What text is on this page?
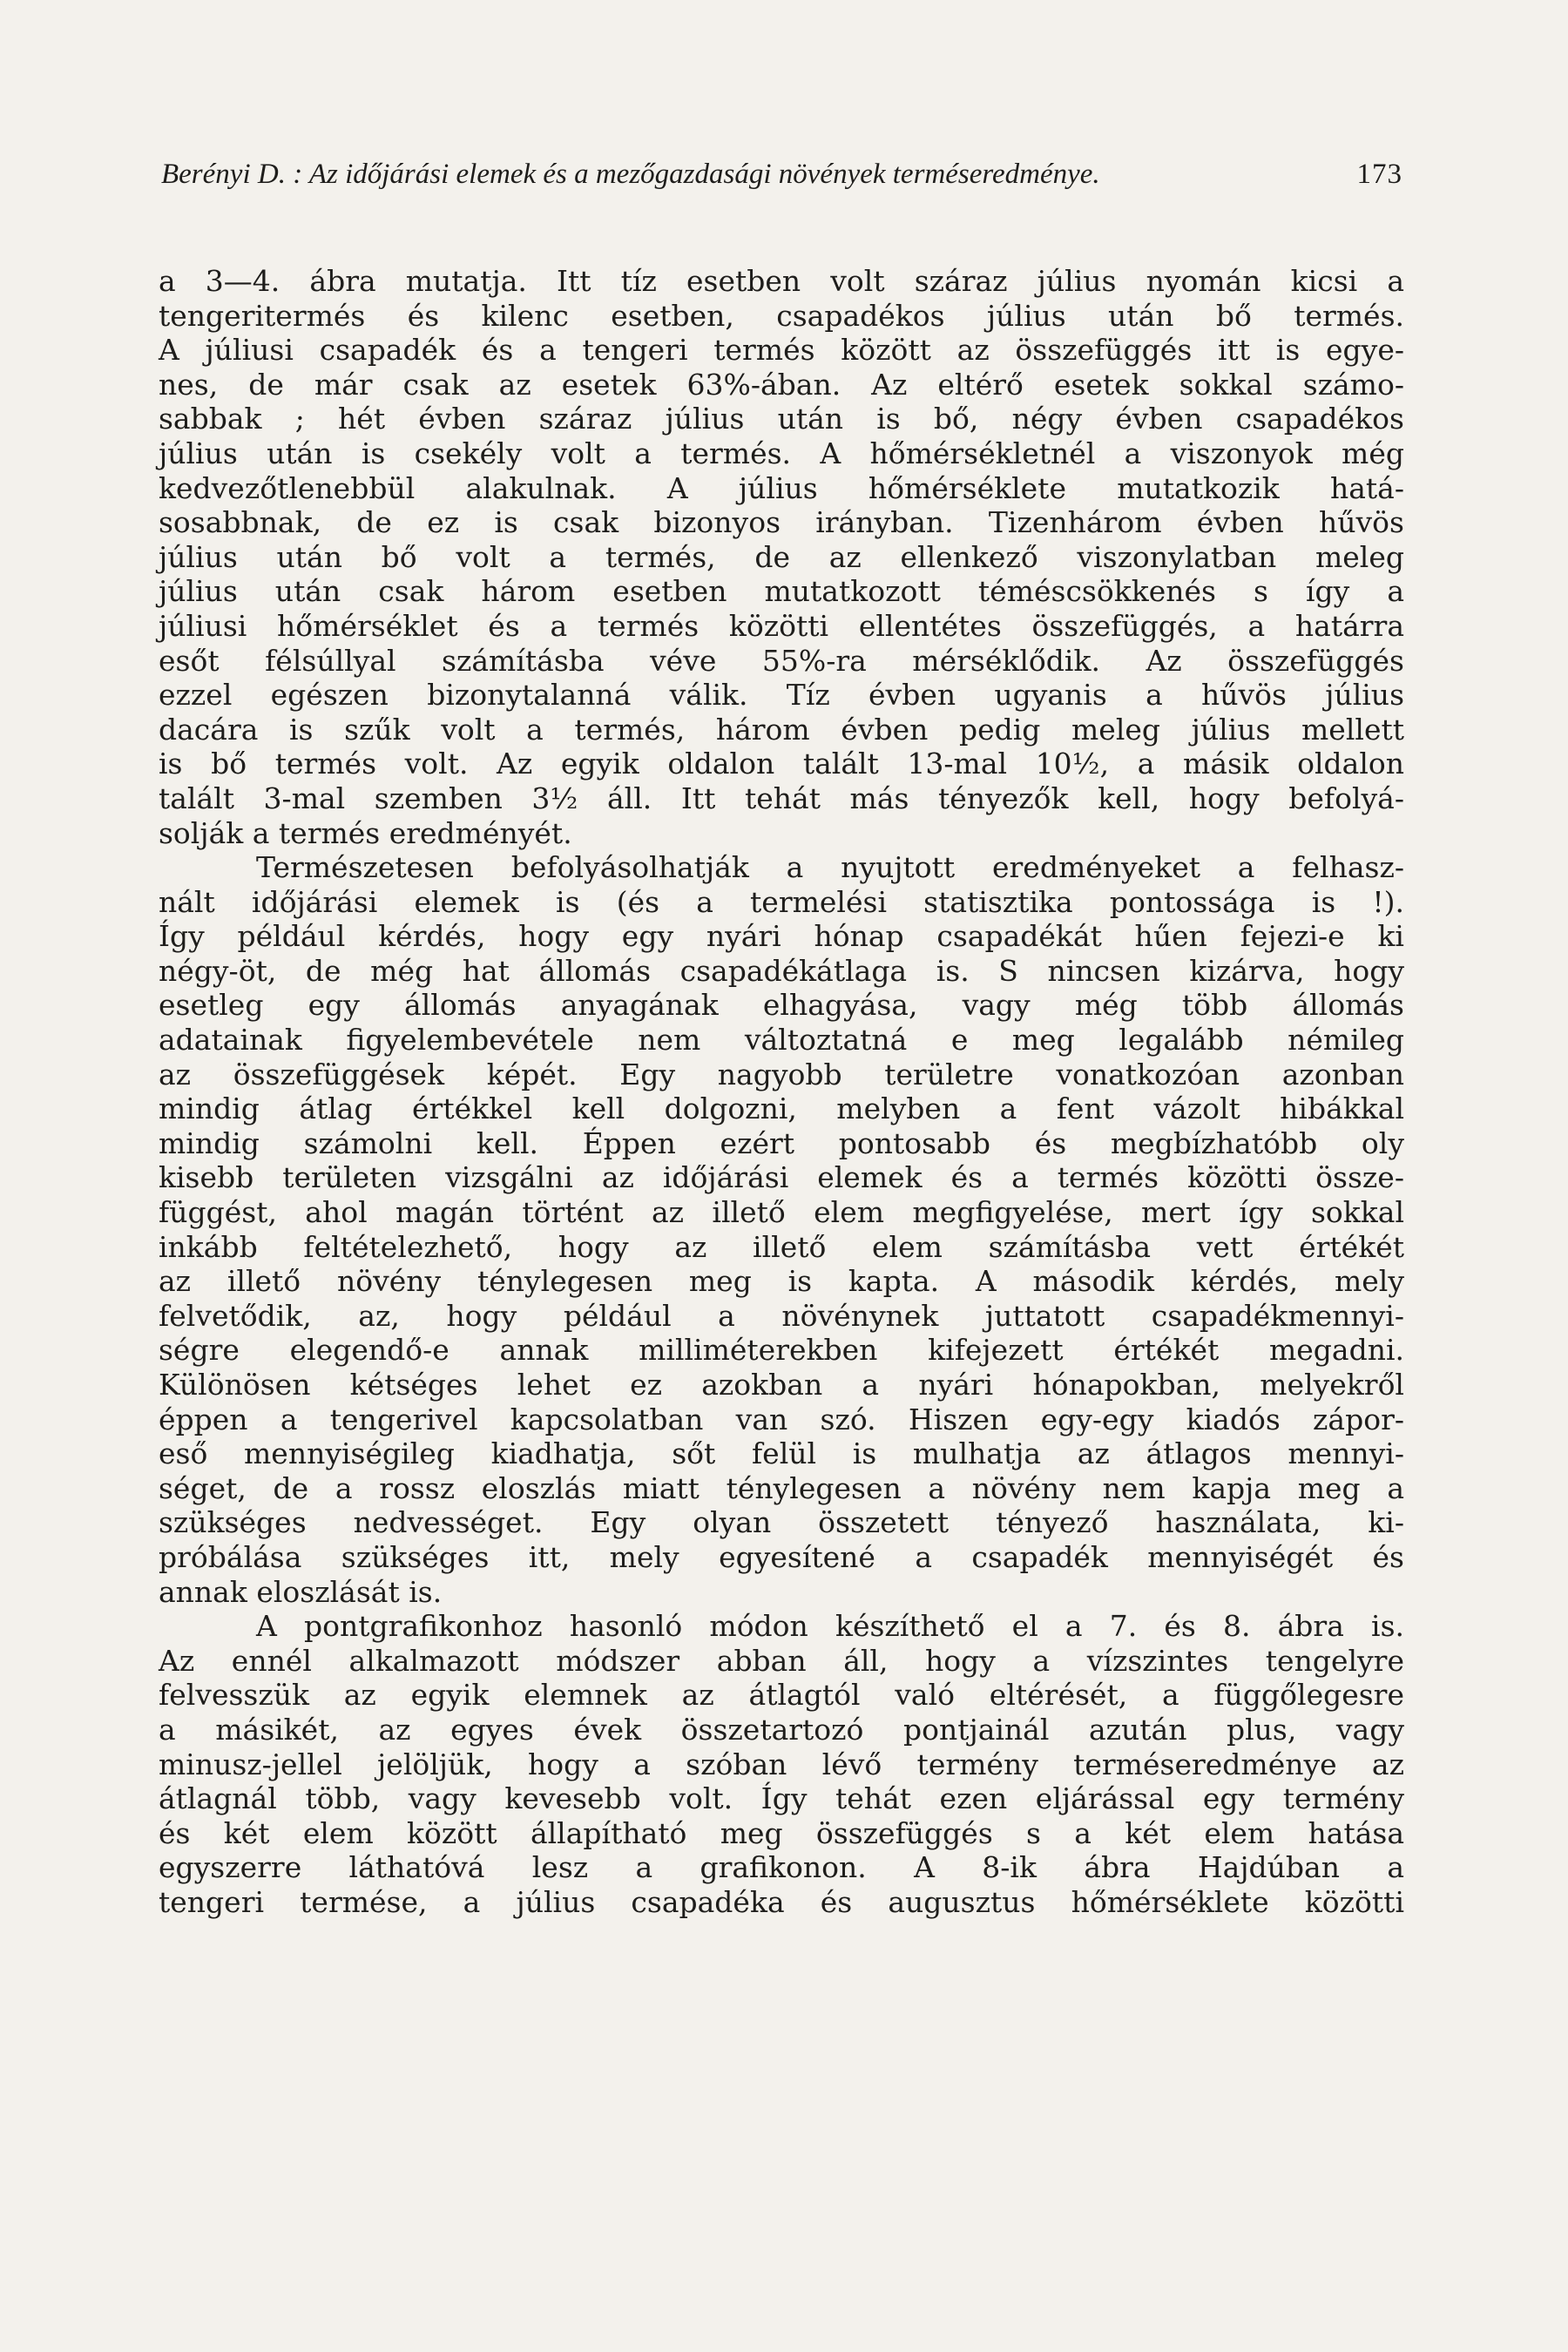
Berényi D. : Az időjárási elemek és a mezőgazdasági növények terméseredménye.	173
a 3—4. ábra mutatja. Itt tíz esetben volt száraz július nyomán kicsi a
tengeritermés és kilenc esetben, csapadékos július után bő termés.
A júliusi csapadék és a tengeri termés között az összefüggés itt is egye-
nes, de már csak az esetek 63%-ában. Az eltérő esetek sokkal számo-
sabbak ; hét évben száraz július után is bő, négy évben csapadékos
július után is csekély volt a termés. A hőmérsékletnél a viszonyok még
kedvezőtlenebbül alakulnak. A július hőmérséklete mutatkozik hatá-
sosabbnak, de ez is csak bizonyos irányban. Tizenhárom évben hűvös
július után bő volt a termés, de az ellenkező viszonylatban meleg
július után csak három esetben mutatkozott téméscsökkenés s így a
júliusi hőmérséklet és a termés közötti ellentétes összefüggés, a határra
esőt félsúllyal számításba véve 55%-ra mérséklődik. Az összefüggés
ezzel egészen bizonytalanná válik. Tíz évben ugyanis a hűvös július
dacára is szűk volt a termés, három évben pedig meleg július mellett
is bő termés volt. Az egyik oldalon talált 13-mal 10½, a másik oldalon
talált 3-mal szemben 3½ áll. Itt tehát más tényezők kell, hogy befolyá-
solják a termés eredményét.
Természetesen befolyásolhatják a nyujtott eredményeket a felhasz-
nált időjárási elemek is (és a termelési statisztika pontossága is !).
Így például kérdés, hogy egy nyári hónap csapadékát hűen fejezi-e ki
négy-öt, de még hat állomás csapadékátlaga is. S nincsen kizárva, hogy
esetleg egy állomás anyagának elhagyása, vagy még több állomás
adatainak figyelembevétele nem változtatná e meg legalább némileg
az összefüggések képét. Egy nagyobb területre vonatkozóan azonban
mindig átlag értékkel kell dolgozni, melyben a fent vázolt hibákkal
mindig számolni kell. Éppen ezért pontosabb és megbízhatóbb oly
kisebb területen vizsgálni az időjárási elemek és a termés közötti össze-
függést, ahol magán történt az illető elem megfigyelése, mert így sokkal
inkább feltételezhető, hogy az illető elem számításba vett értékét
az illető növény ténylegesen meg is kapta. A második kérdés, mely
felvetődik, az, hogy például a növénynek juttatott csapadékmennyi-
ségre elegendő-e annak milliméterekben kifejezett értékét megadni.
Különösen kétséges lehet ez azokban a nyári hónapokban, melyekről
éppen a tengerivel kapcsolatban van szó. Hiszen egy-egy kiadós zápor-
eső mennyiségileg kiadhatja, sőt felül is mulhatja az átlagos mennyi-
séget, de a rossz eloszlás miatt ténylegesen a növény nem kapja meg a
szükséges nedvességet. Egy olyan összetett tényező használata, ki-
próbálása szükséges itt, mely egyesítené a csapadék mennyiségét és
annak eloszlását is.
A pontgrafikonhoz hasonló módon készíthető el a 7. és 8. ábra is.
Az ennél alkalmazott módszer abban áll, hogy a vízszintes tengelyre
felvesszük az egyik elemnek az átlagtól való eltérését, a függőlegesre
a másikét, az egyes évek összetartozó pontjainál azután plus, vagy
minusz-jellel jelöljük, hogy a szóban lévő termény terméseredménye az
átlagnál több, vagy kevesebb volt. Így tehát ezen eljárással egy termény
és két elem között állapítható meg összefüggés s a két elem hatása
egyszerre láthatóvá lesz a grafikonon. A 8-ik ábra Hajdúban a
tengeri termése, a július csapadéka és augusztus hőmérséklete közötti
